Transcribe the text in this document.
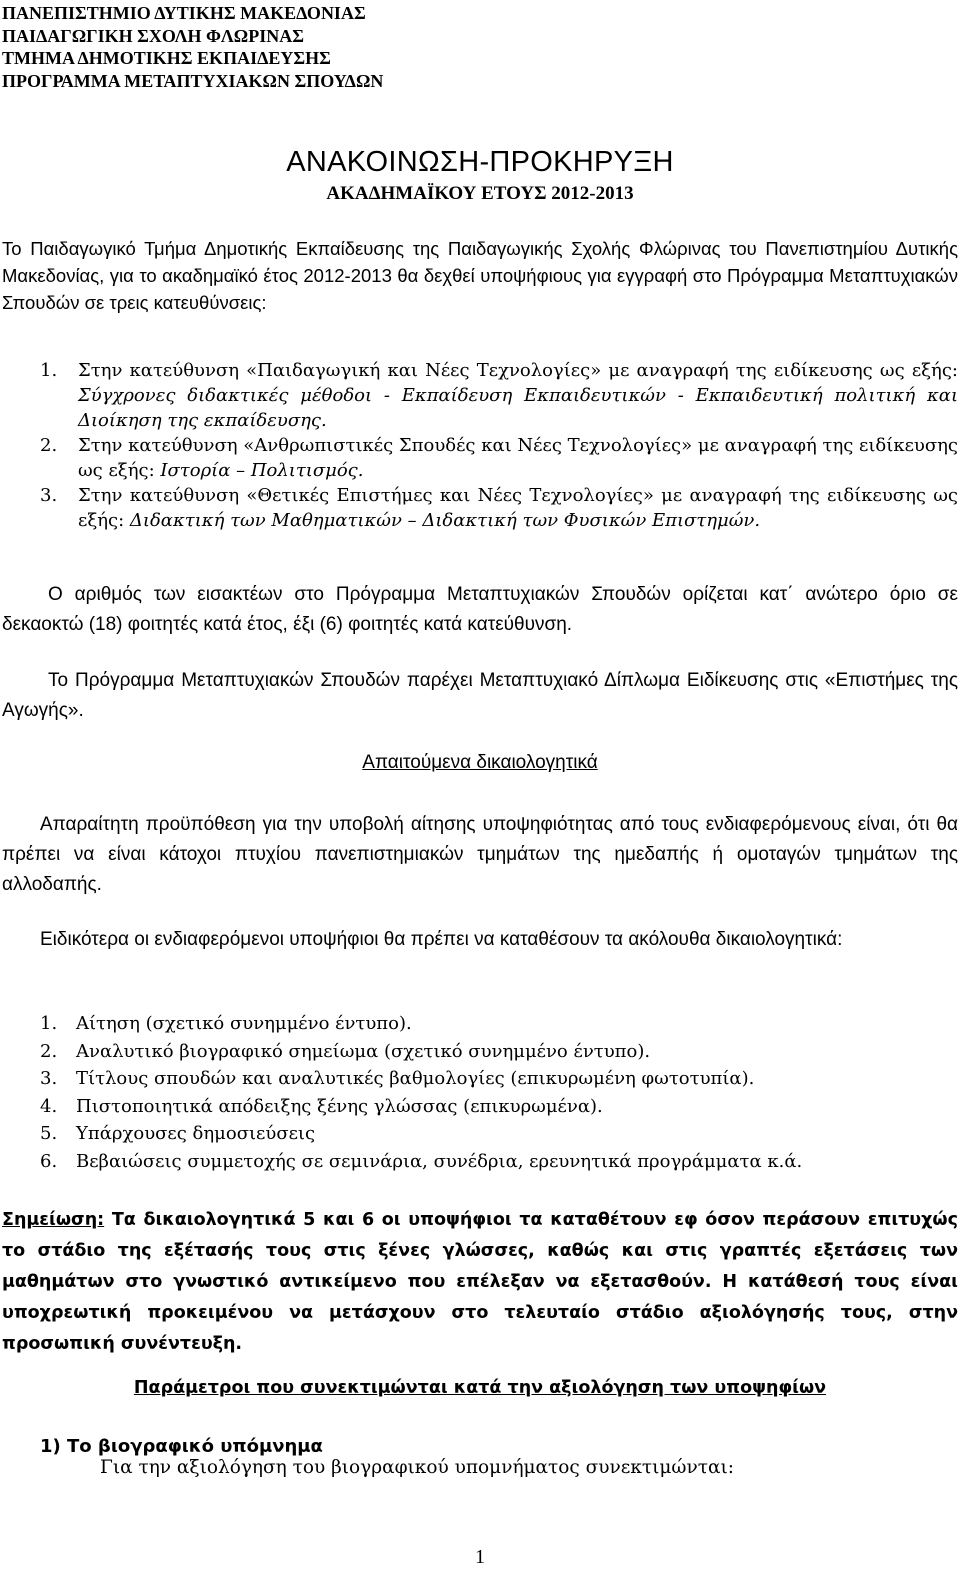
ΠΑΝΕΠΙΣΤΗΜΙΟ ΔΥΤΙΚΗΣ ΜΑΚΕΔΟΝΙΑΣ
ΠΑΙΔΑΓΩΓΙΚΗ ΣΧΟΛΗ ΦΛΩΡΙΝΑΣ
ΤΜΗΜΑ ΔΗΜΟΤΙΚΗΣ ΕΚΠΑΙΔΕΥΣΗΣ
ΠΡΟΓΡΑΜΜΑ ΜΕΤΑΠΤΥΧΙΑΚΩΝ ΣΠΟΥΔΩΝ
ΑΝΑΚΟΙΝΩΣΗ-ΠΡΟΚΗΡΥΞΗ
ΑΚΑΔΗΜΑΪΚΟΥ ΕΤΟΥΣ 2012-2013
Το Παιδαγωγικό Τμήμα Δημοτικής Εκπαίδευσης της Παιδαγωγικής Σχολής Φλώρινας του Πανεπιστημίου Δυτικής Μακεδονίας, για το ακαδημαϊκό έτος 2012-2013 θα δεχθεί υποψήφιους για εγγραφή στο Πρόγραμμα Μεταπτυχιακών Σπουδών σε τρεις κατευθύνσεις:
1. Στην κατεύθυνση «Παιδαγωγική και Νέες Τεχνολογίες» με αναγραφή της ειδίκευσης ως εξής: Σύγχρονες διδακτικές μέθοδοι - Εκπαίδευση Εκπαιδευτικών - Εκπαιδευτική πολιτική και Διοίκηση της εκπαίδευσης.
2. Στην κατεύθυνση «Ανθρωπιστικές Σπουδές και Νέες Τεχνολογίες» με αναγραφή της ειδίκευσης ως εξής: Ιστορία – Πολιτισμός.
3. Στην κατεύθυνση «Θετικές Επιστήμες και Νέες Τεχνολογίες» με αναγραφή της ειδίκευσης ως εξής: Διδακτική των Μαθηματικών – Διδακτική των Φυσικών Επιστημών.
Ο αριθμός των εισακτέων στο Πρόγραμμα Μεταπτυχιακών Σπουδών ορίζεται κατ΄ ανώτερο όριο σε δεκαοκτώ (18) φοιτητές κατά έτος, έξι (6) φοιτητές κατά κατεύθυνση.
Το Πρόγραμμα Μεταπτυχιακών Σπουδών παρέχει Μεταπτυχιακό Δίπλωμα Ειδίκευσης στις «Επιστήμες της Αγωγής».
Απαιτούμενα δικαιολογητικά
Απαραίτητη προϋπόθεση για την υποβολή αίτησης υποψηφιότητας από τους ενδιαφερόμενους είναι, ότι θα πρέπει να είναι κάτοχοι πτυχίου πανεπιστημιακών τμημάτων της ημεδαπής ή ομοταγών τμημάτων της αλλοδαπής.
Ειδικότερα οι ενδιαφερόμενοι υποψήφιοι θα πρέπει να καταθέσουν τα ακόλουθα δικαιολογητικά:
1. Αίτηση (σχετικό συνημμένο έντυπο).
2. Αναλυτικό βιογραφικό σημείωμα (σχετικό συνημμένο έντυπο).
3. Τίτλους σπουδών και αναλυτικές βαθμολογίες (επικυρωμένη φωτοτυπία).
4. Πιστοποιητικά απόδειξης ξένης γλώσσας (επικυρωμένα).
5. Υπάρχουσες δημοσιεύσεις
6. Βεβαιώσεις συμμετοχής σε σεμινάρια, συνέδρια, ερευνητικά προγράμματα κ.ά.
Σημείωση: Τα δικαιολογητικά 5 και 6 οι υποψήφιοι τα καταθέτουν εφ όσον περάσουν επιτυχώς το στάδιο της εξέτασής τους στις ξένες γλώσσες, καθώς και στις γραπτές εξετάσεις των μαθημάτων στο γνωστικό αντικείμενο που επέλεξαν να εξετασθούν. Η κατάθεσή τους είναι υποχρεωτική προκειμένου να μετάσχουν στο τελευταίο στάδιο αξιολόγησής τους, στην προσωπική συνέντευξη.
Παράμετροι που συνεκτιμώνται κατά την αξιολόγηση των υποψηφίων
1) Το βιογραφικό υπόμνημα
Για την αξιολόγηση του βιογραφικού υπομνήματος συνεκτιμώνται:
1
